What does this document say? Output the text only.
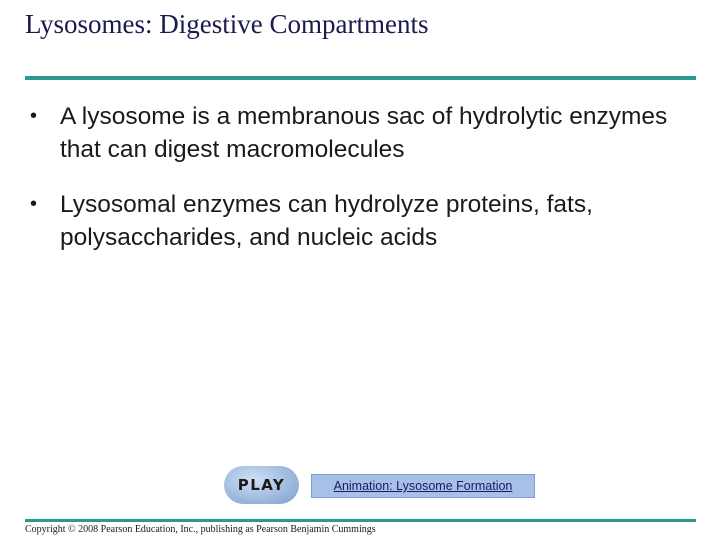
Lysosomes: Digestive Compartments
• A lysosome is a membranous sac of hydrolytic enzymes that can digest macromolecules
• Lysosomal enzymes can hydrolyze proteins, fats, polysaccharides, and nucleic acids
PLAY	Animation: Lysosome Formation
Copyright © 2008 Pearson Education, Inc., publishing as Pearson Benjamin Cummings
